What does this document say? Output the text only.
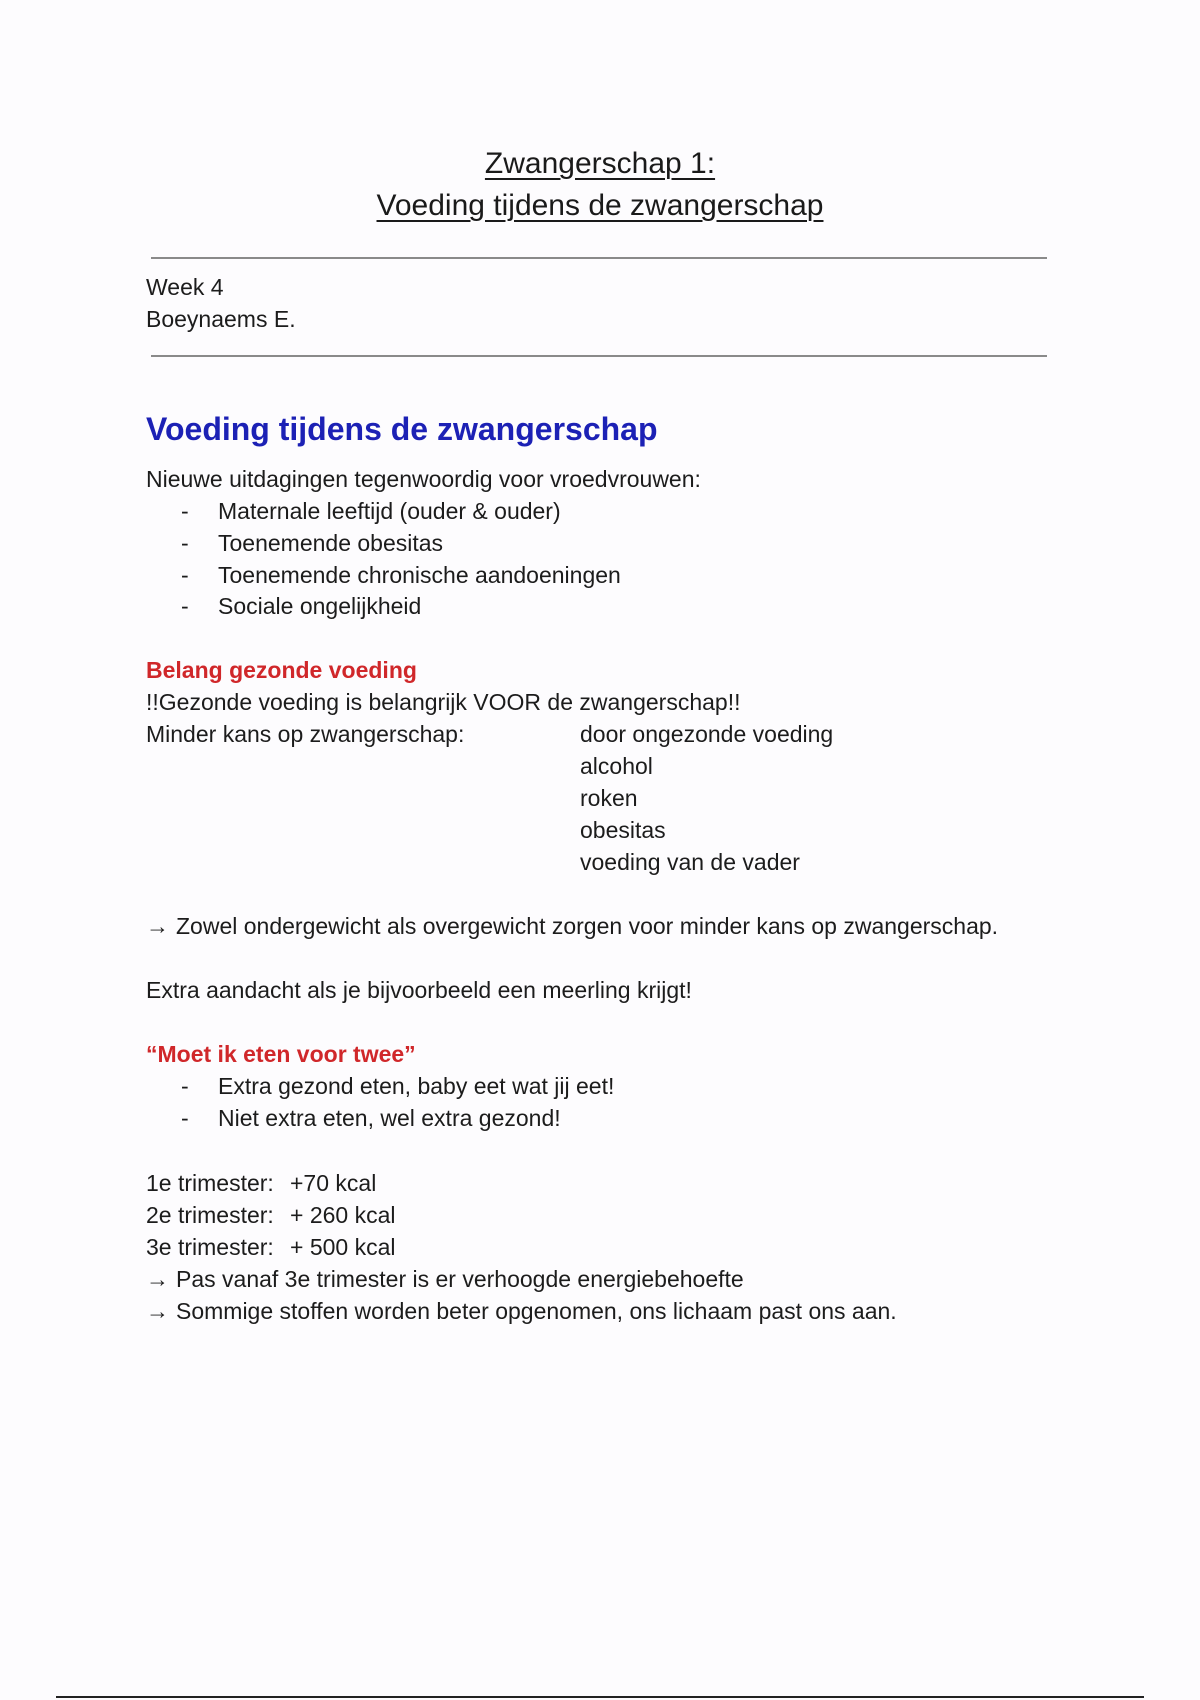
Zwangerschap 1:
Voeding tijdens de zwangerschap
Week 4
Boeynaems E.
Voeding tijdens de zwangerschap
Nieuwe uitdagingen tegenwoordig voor vroedvrouwen:
- Maternale leeftijd (ouder & ouder)
- Toenemende obesitas
- Toenemende chronische aandoeningen
- Sociale ongelijkheid
Belang gezonde voeding
!!Gezonde voeding is belangrijk VOOR de zwangerschap!!
Minder kans op zwangerschap:	door ongezonde voeding
alcohol
roken
obesitas
voeding van de vader
→ Zowel ondergewicht als overgewicht zorgen voor minder kans op zwangerschap.
Extra aandacht als je bijvoorbeeld een meerling krijgt!
“Moet ik eten voor twee”
- Extra gezond eten, baby eet wat jij eet!
- Niet extra eten, wel extra gezond!
1e trimester: +70 kcal
2e trimester: + 260 kcal
3e trimester: + 500 kcal
→ Pas vanaf 3e trimester is er verhoogde energiebehoefte
→ Sommige stoffen worden beter opgenomen, ons lichaam past ons aan.
